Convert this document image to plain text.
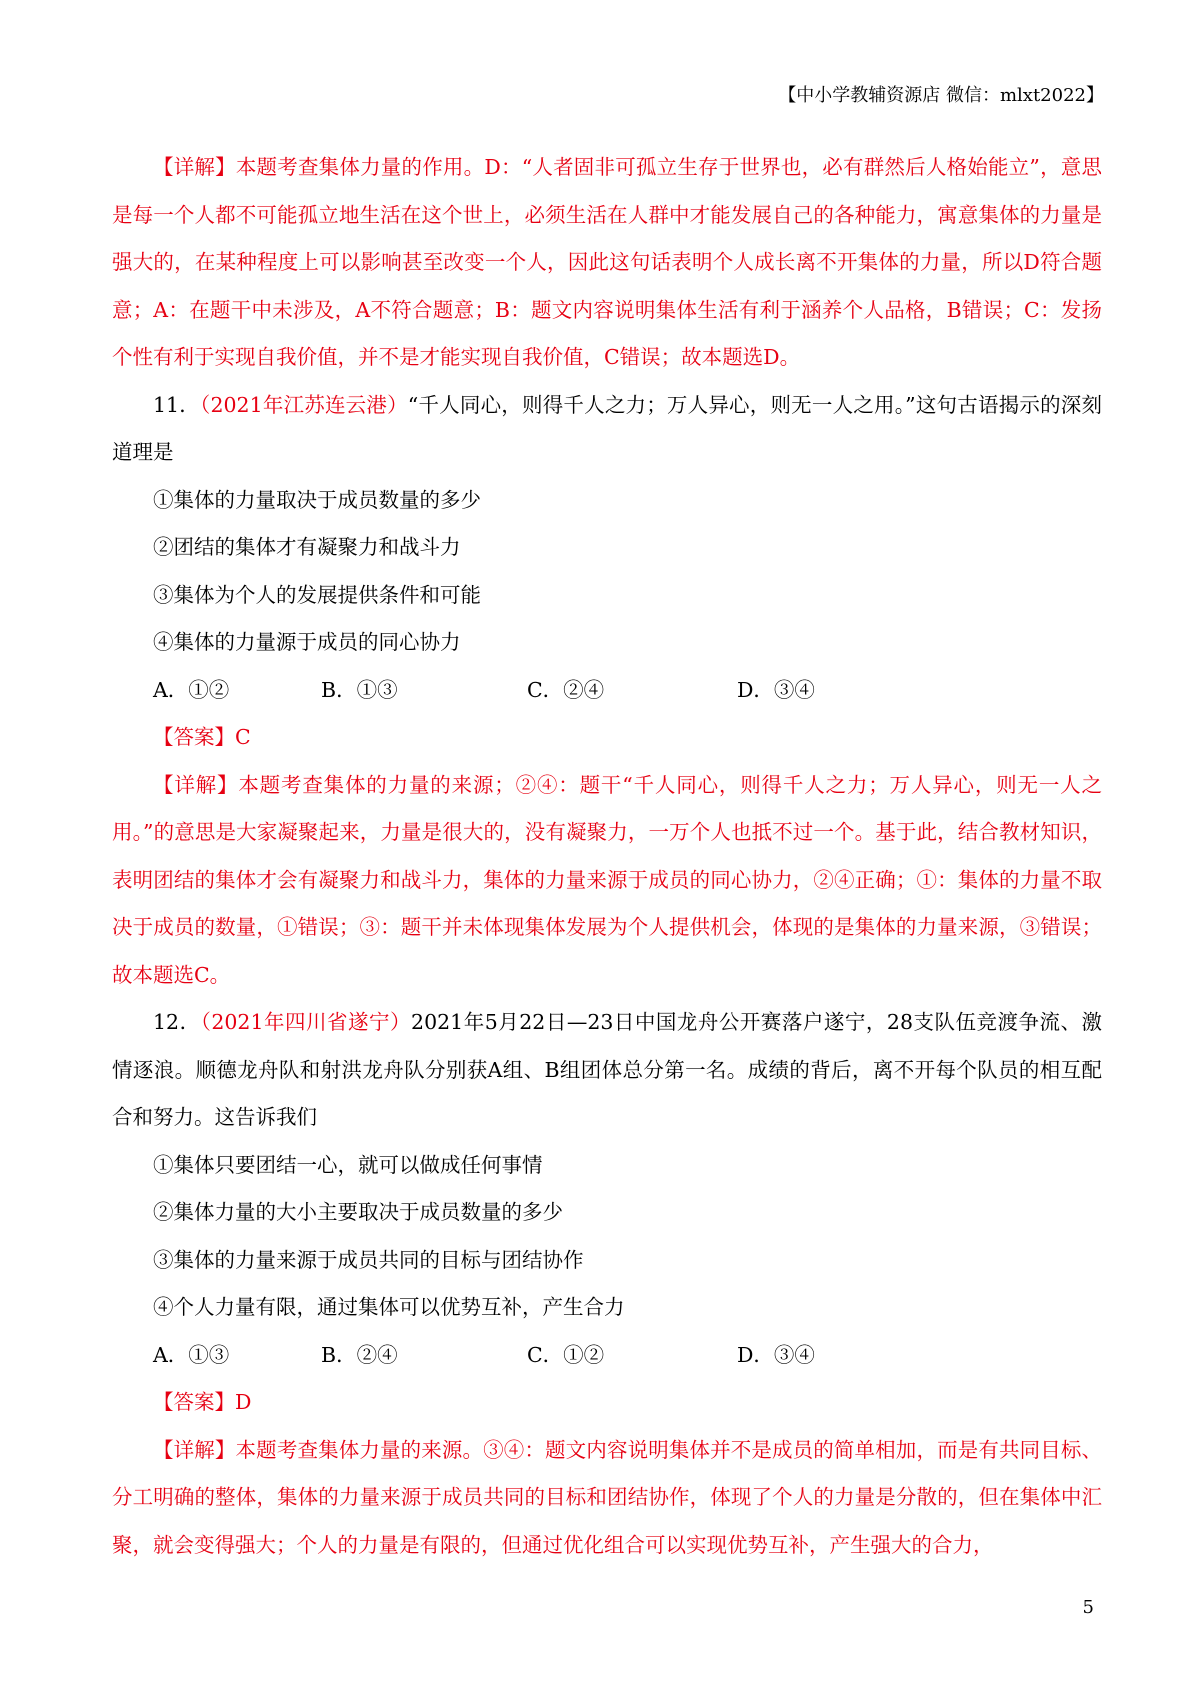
【中小学教辅资源店 微信：mlxt2022】

【详解】本题考查集体力量的作用。D：“人者固非可孤立生存于世界也，必有群然后人格始能立”，意思是每一个人都不可能孤立地生活在这个世上，必须生活在人群中才能发展自己的各种能力，寓意集体的力量是强大的，在某种程度上可以影响甚至改变一个人，因此这句话表明个人成长离不开集体的力量，所以D符合题意；A：在题干中未涉及，A不符合题意；B：题文内容说明集体生活有利于涵养个人品格，B错误；C：发扬个性有利于实现自我价值，并不是才能实现自我价值，C错误；故本题选D。

11．（2021年江苏连云港）“千人同心，则得千人之力；万人异心，则无一人之用。”这句古语揭示的深刻道理是

①集体的力量取决于成员数量的多少

②团结的集体才有凝聚力和战斗力

③集体为个人的发展提供条件和可能

④集体的力量源于成员的同心协力

A．①②	B．①③	C．②④	D．③④

【答案】C

【详解】本题考查集体的力量的来源；②④：题干“千人同心，则得千人之力；万人异心，则无一人之用。”的意思是大家凝聚起来，力量是很大的，没有凝聚力，一万个人也抵不过一个。基于此，结合教材知识，表明团结的集体才会有凝聚力和战斗力，集体的力量来源于成员的同心协力，②④正确；①：集体的力量不取决于成员的数量，①错误；③：题干并未体现集体发展为个人提供机会，体现的是集体的力量来源，③错误；故本题选C。

12．（2021年四川省遂宁）2021年5月22日—23日中国龙舟公开赛落户遂宁，28支队伍竞渡争流、激情逐浪。顺德龙舟队和射洪龙舟队分别获A组、B组团体总分第一名。成绩的背后，离不开每个队员的相互配合和努力。这告诉我们

①集体只要团结一心，就可以做成任何事情

②集体力量的大小主要取决于成员数量的多少

③集体的力量来源于成员共同的目标与团结协作

④个人力量有限，通过集体可以优势互补，产生合力

A．①③	B．②④	C．①②	D．③④

【答案】D

【详解】本题考查集体力量的来源。③④：题文内容说明集体并不是成员的简单相加，而是有共同目标、分工明确的整体，集体的力量来源于成员共同的目标和团结协作，体现了个人的力量是分散的，但在集体中汇聚，就会变得强大；个人的力量是有限的，但通过优化组合可以实现优势互补，产生强大的合力，

5
